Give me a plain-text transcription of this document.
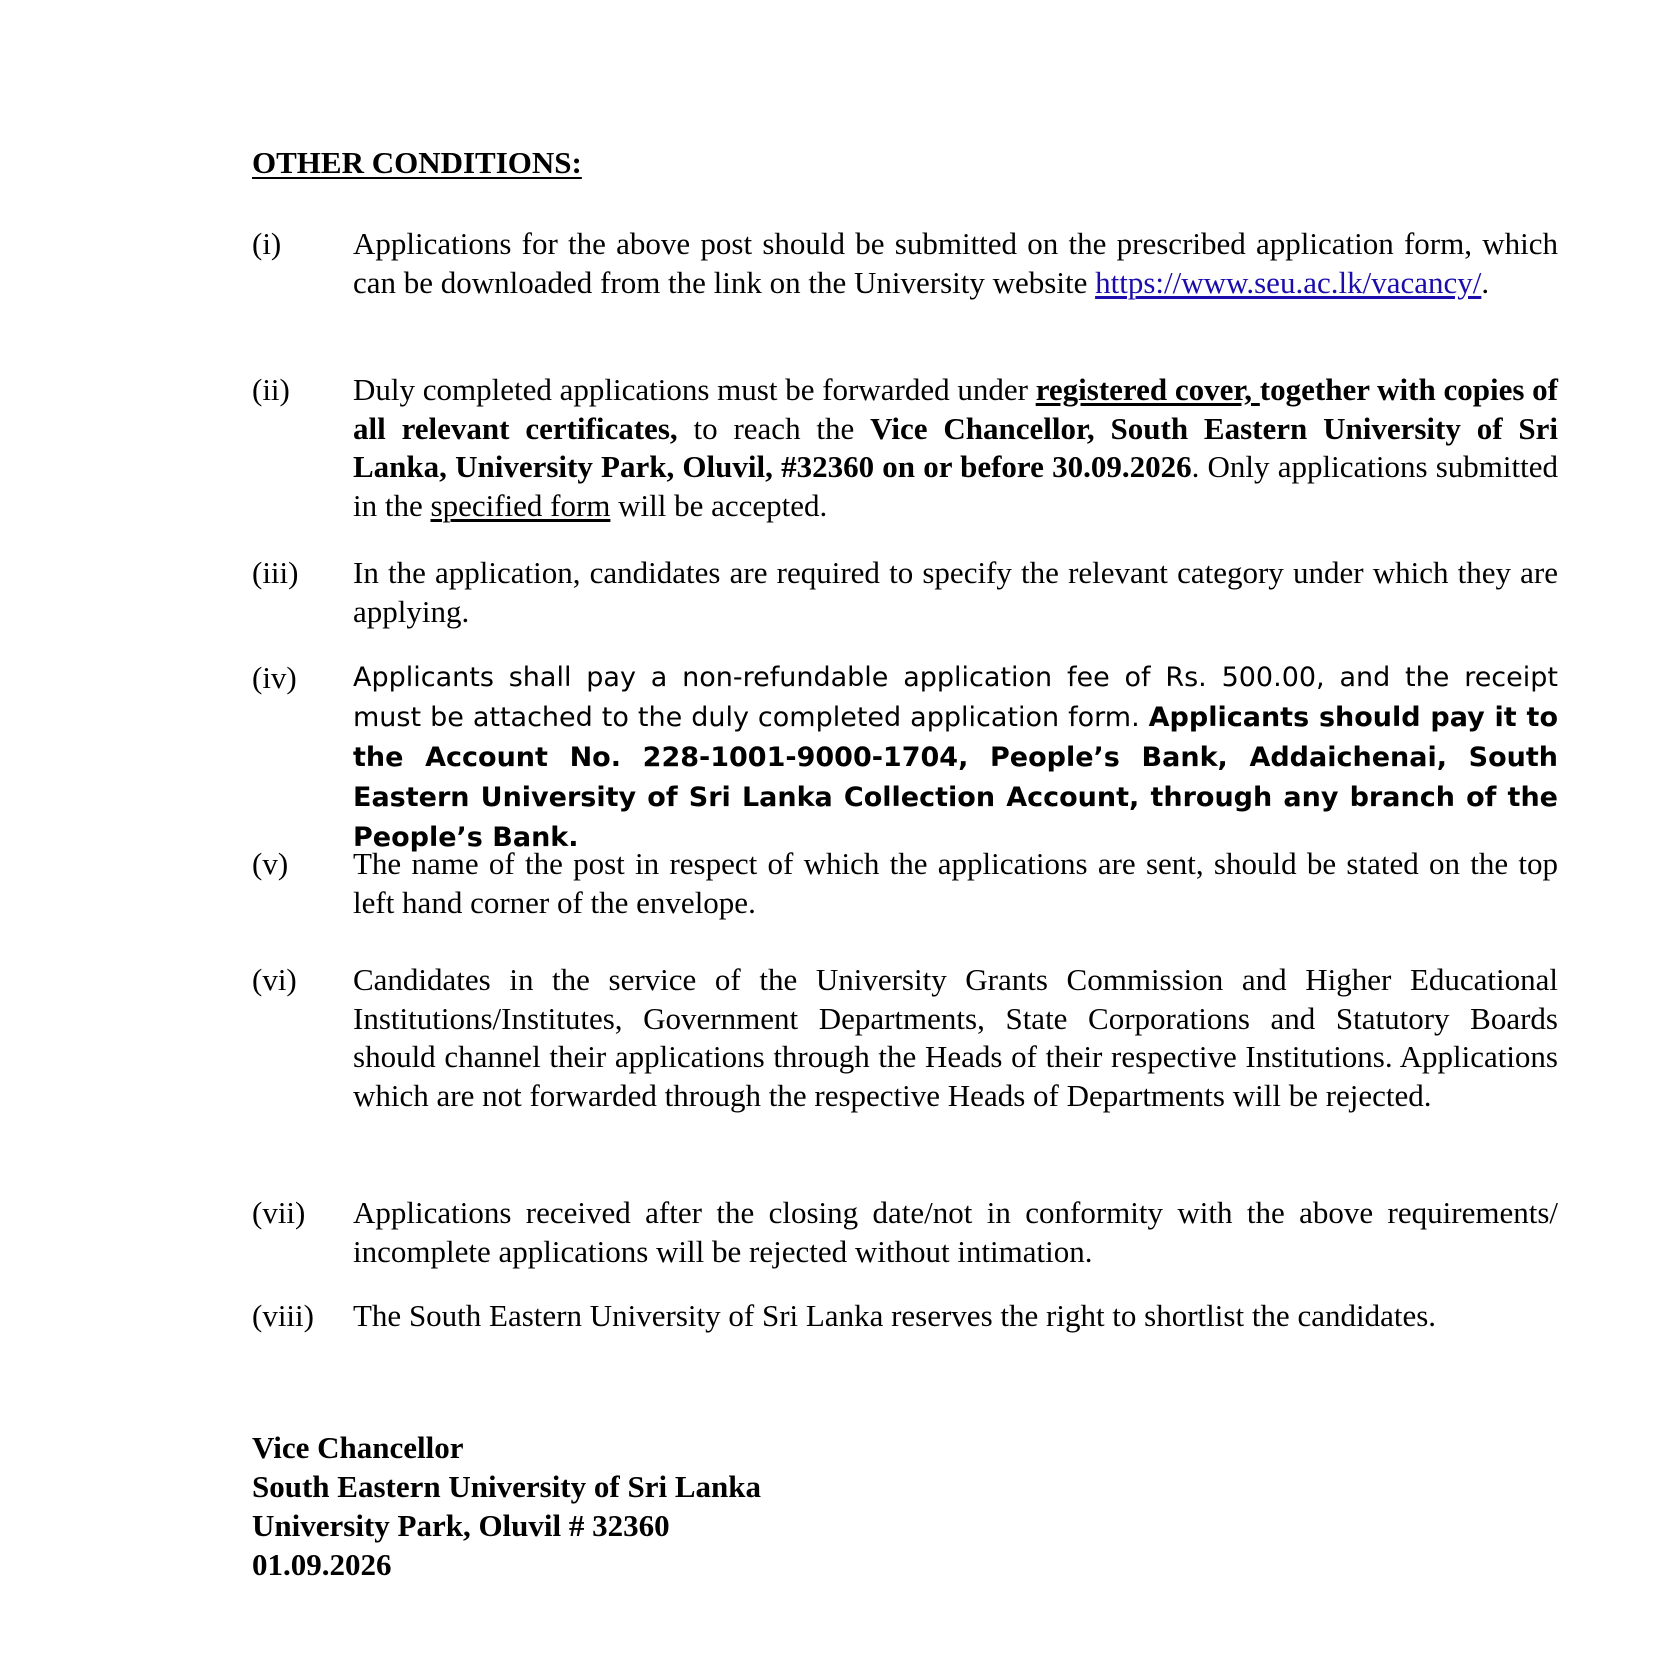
OTHER CONDITIONS:
(i) Applications for the above post should be submitted on the prescribed application form, which can be downloaded from the link on the University website https://www.seu.ac.lk/vacancy/.
(ii) Duly completed applications must be forwarded under registered cover, together with copies of all relevant certificates, to reach the Vice Chancellor, South Eastern University of Sri Lanka, University Park, Oluvil, #32360 on or before 30.09.2026. Only applications submitted in the specified form will be accepted.
(iii) In the application, candidates are required to specify the relevant category under which they are applying.
(iv) Applicants shall pay a non-refundable application fee of Rs. 500.00, and the receipt must be attached to the duly completed application form. Applicants should pay it to the Account No. 228-1001-9000-1704, People’s Bank, Addaichenai, South Eastern University of Sri Lanka Collection Account, through any branch of the People’s Bank.
(v) The name of the post in respect of which the applications are sent, should be stated on the top left hand corner of the envelope.
(vi) Candidates in the service of the University Grants Commission and Higher Educational Institutions/Institutes, Government Departments, State Corporations and Statutory Boards should channel their applications through the Heads of their respective Institutions. Applications which are not forwarded through the respective Heads of Departments will be rejected.
(vii) Applications received after the closing date/not in conformity with the above requirements/ incomplete applications will be rejected without intimation.
(viii) The South Eastern University of Sri Lanka reserves the right to shortlist the candidates.
Vice Chancellor
South Eastern University of Sri Lanka
University Park, Oluvil # 32360
01.09.2026
